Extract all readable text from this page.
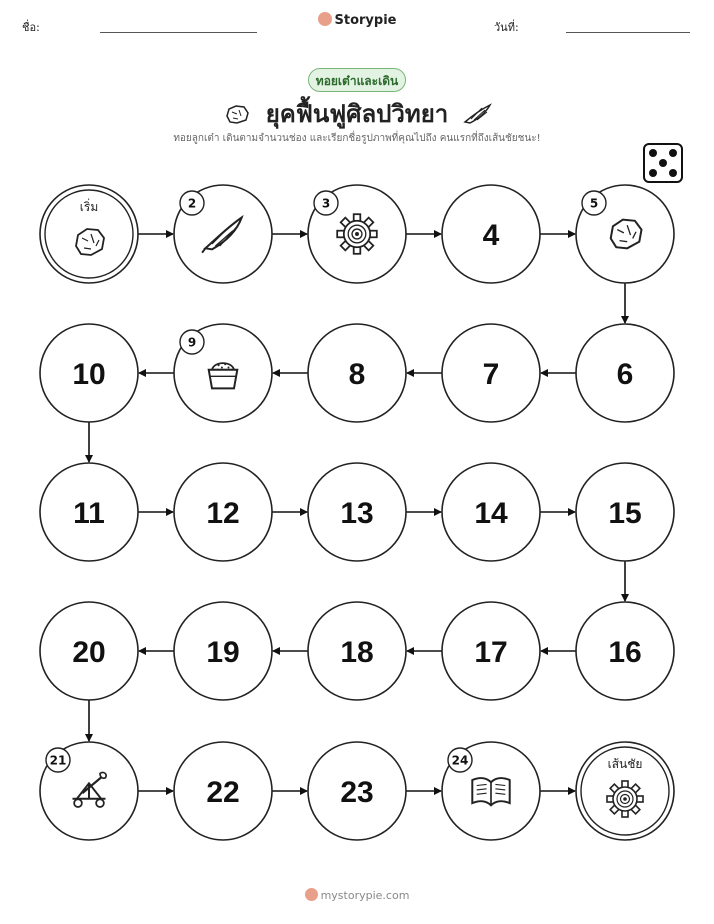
ชื่อ:	Storypie	วันที่:
ทอยเต๋าและเดิน
ยุคฟื้นฟูศิลปวิทยา
ทอยลูกเต๋า เดินตามจำนวนช่อง และเรียกชื่อรูปภาพที่คุณไปถึง คนแรกที่ถึงเส้นชัยชนะ!
เริ่ม	2	3
4
5
6
7
8
9
10
11	12	13	14	15
16
17
18
19
20
21
22	23
24	เส้นชัย
mystorypie.com
